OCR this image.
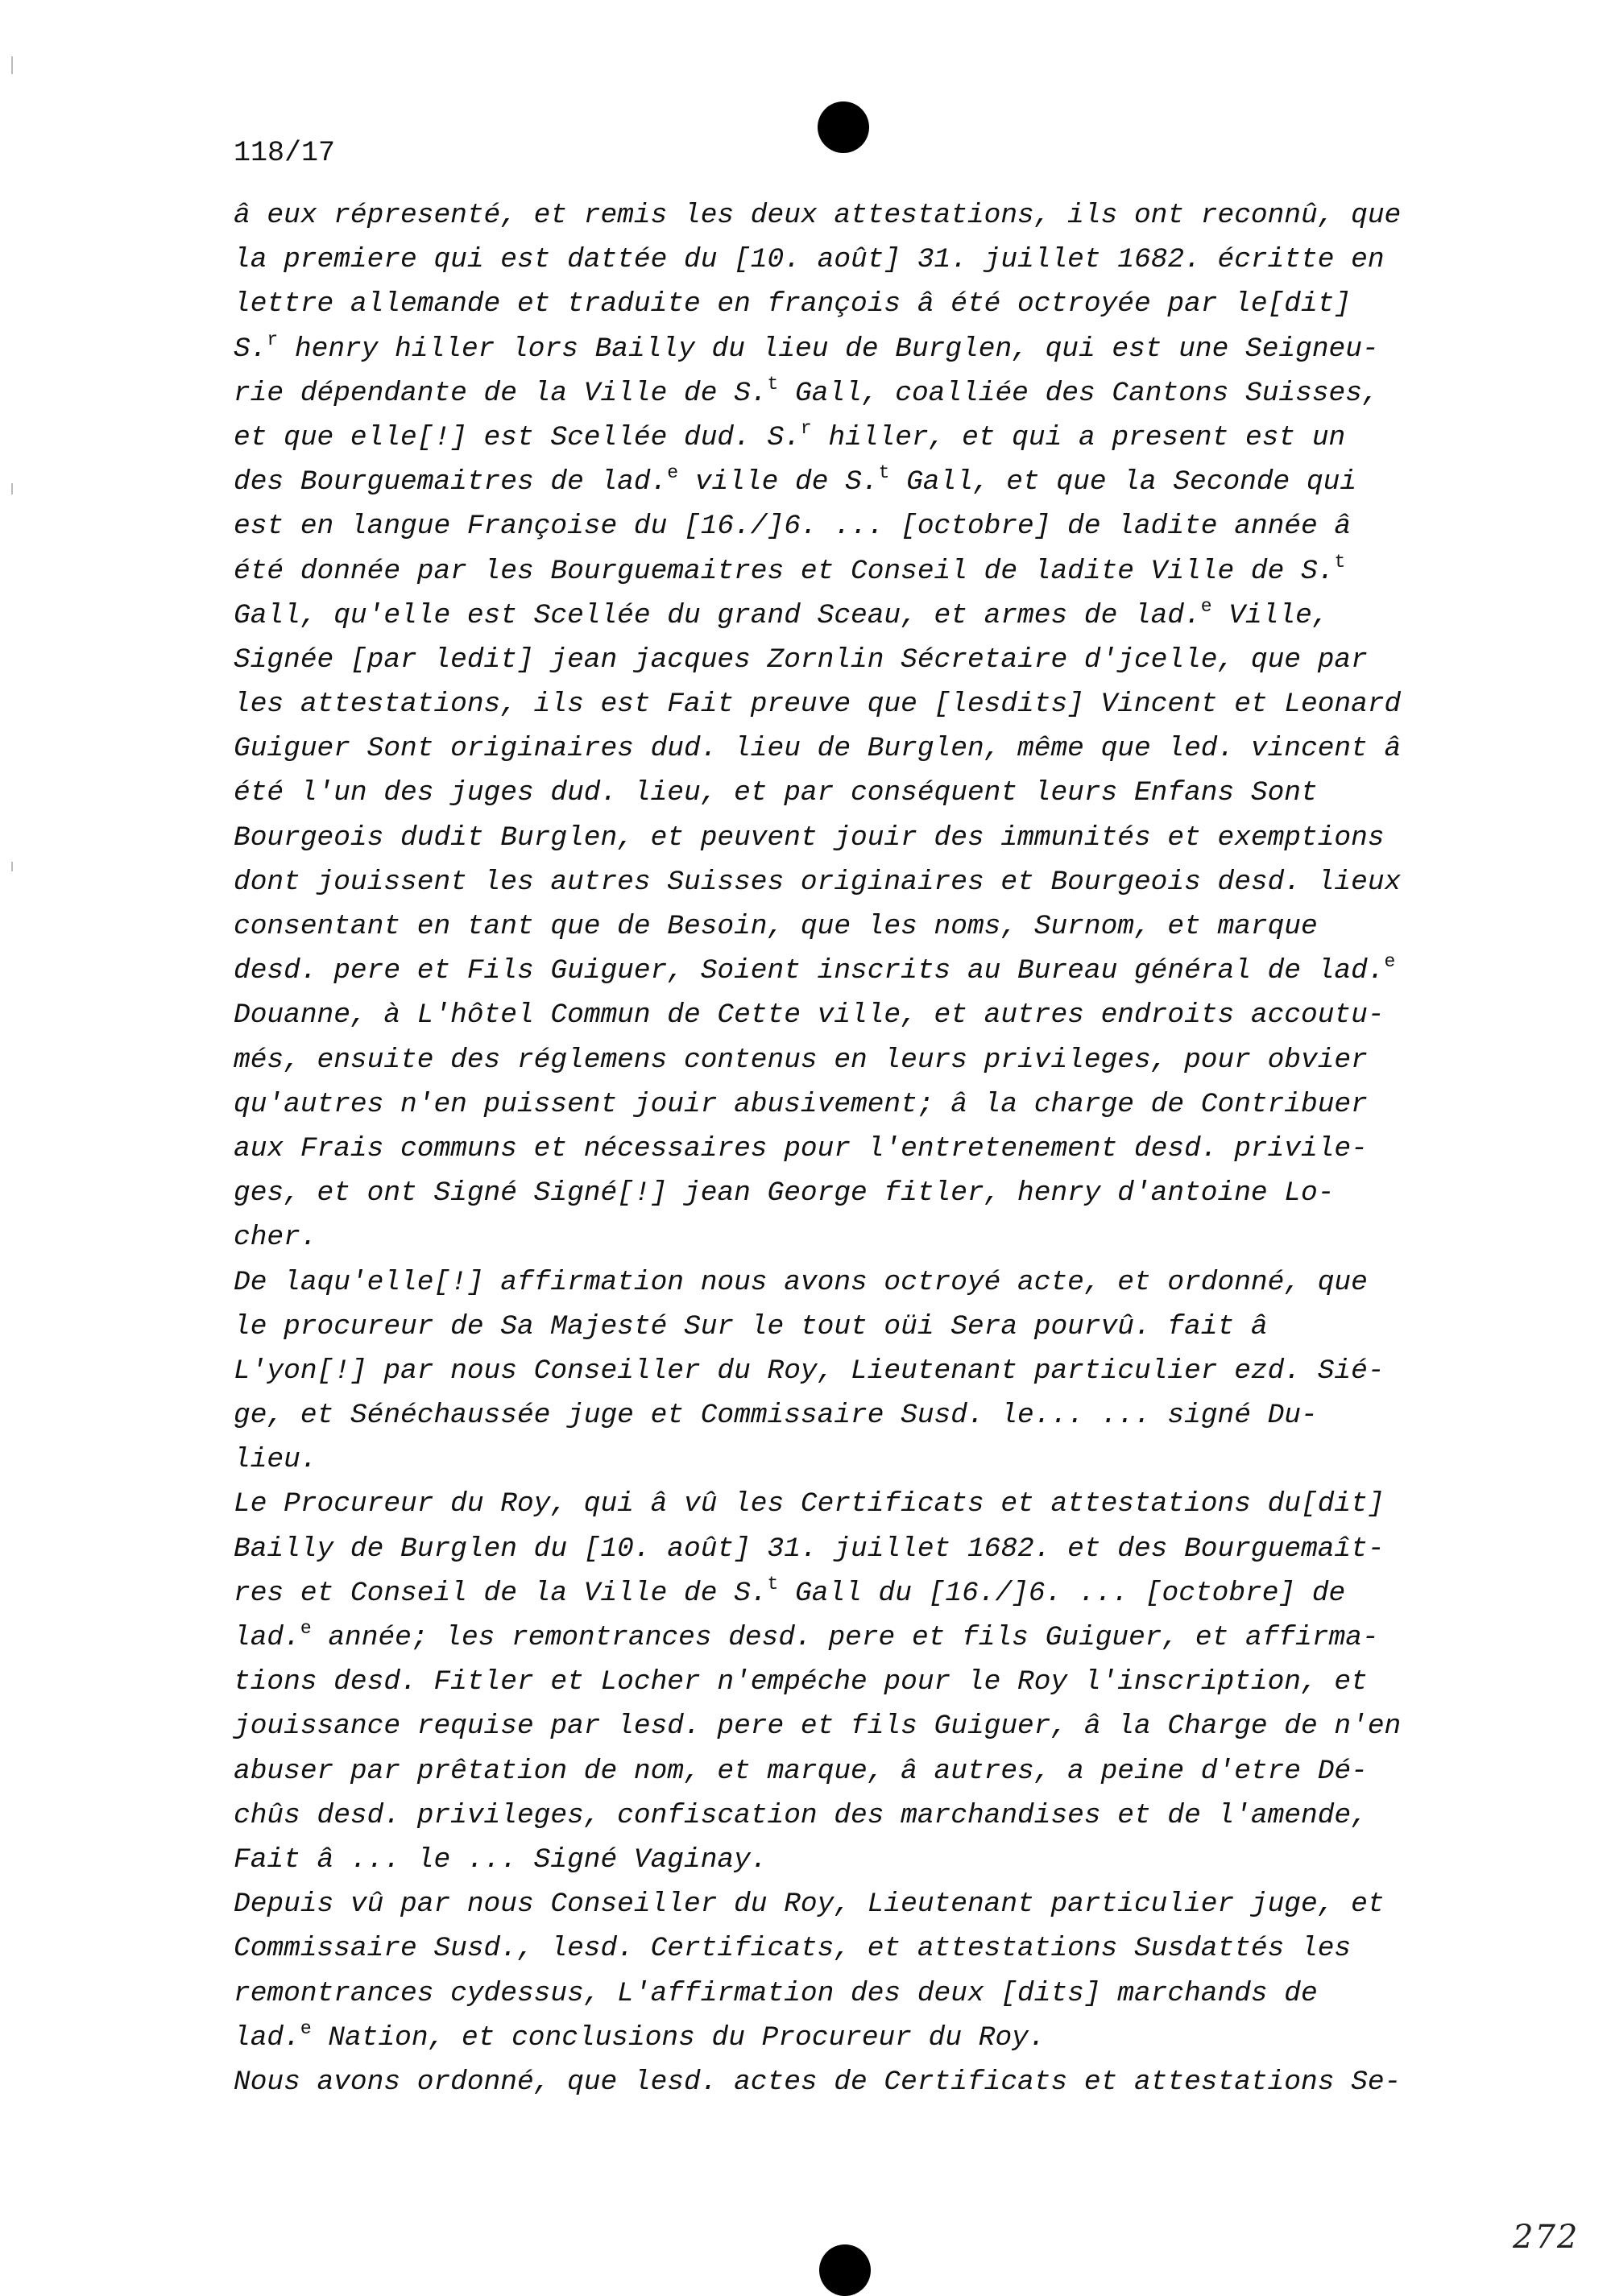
118/17
â eux répresenté, et remis les deux attestations, ils ont reconnû, que
la premiere qui est dattée du [10. août] 31. juillet 1682. écritte en
lettre allemande et traduite en françois â été octroyée par le[dit]
S.$^r$ henry hiller lors Bailly du lieu de Burglen, qui est une Seigneu-
rie dépendante de la Ville de S.$^t$ Gall, coalliée des Cantons Suisses,
et que elle[!] est Scellée dud. S.$^r$ hiller, et qui a present est un
des Bourguemaitres de lad.$^e$ ville de S.$^t$ Gall, et que la Seconde qui
est en langue Françoise du [16./]6. ... [octobre] de ladite année â
été donnée par les Bourguemaitres et Conseil de ladite Ville de S.$^t$
Gall, qu'elle est Scellée du grand Sceau, et armes de lad.$^e$ Ville,
Signée [par ledit] jean jacques Zornlin Sécretaire d'jcelle, que par
les attestations, ils est Fait preuve que [lesdits] Vincent et Leonard
Guiguer Sont originaires dud. lieu de Burglen, même que led. vincent â
été l'un des juges dud. lieu, et par conséquent leurs Enfans Sont
Bourgeois dudit Burglen, et peuvent jouir des immunités et exemptions
dont jouissent les autres Suisses originaires et Bourgeois desd. lieux
consentant en tant que de Besoin, que les noms, Surnom, et marque
desd. pere et Fils Guiguer, Soient inscrits au Bureau général de lad.$^e$
Douanne, à L'hôtel Commun de Cette ville, et autres endroits accoutu-
més, ensuite des réglemens contenus en leurs privileges, pour obvier
qu'autres n'en puissent jouir abusivement; â la charge de Contribuer
aux Frais communs et nécessaires pour l'entretenement desd. privile-
ges, et ont Signé Signé[!] jean George fitler, henry d'antoine Lo-
cher.
De laqu'elle[!] affirmation nous avons octroyé acte, et ordonné, que
le procureur de Sa Majesté Sur le tout oüi Sera pourvû. fait â
L'yon[!] par nous Conseiller du Roy, Lieutenant particulier ezd. Sié-
ge, et Sénéchaussée juge et Commissaire Susd. le... ... signé Du-
lieu.
Le Procureur du Roy, qui â vû les Certificats et attestations du[dit]
Bailly de Burglen du [10. août] 31. juillet 1682. et des Bourguemaît-
res et Conseil de la Ville de S.$^t$ Gall du [16./]6. ... [octobre] de
lad.$^e$ année; les remontrances desd. pere et fils Guiguer, et affirma-
tions desd. Fitler et Locher n'empéche pour le Roy l'inscription, et
jouissance requise par lesd. pere et fils Guiguer, â la Charge de n'en
abuser par prêtation de nom, et marque, â autres, a peine d'etre Dé-
chûs desd. privileges, confiscation des marchandises et de l'amende,
Fait â ... le ... Signé Vaginay.
Depuis vû par nous Conseiller du Roy, Lieutenant particulier juge, et
Commissaire Susd., lesd. Certificats, et attestations Susdattés les
remontrances cydessus, L'affirmation des deux [dits] marchands de
lad.$^e$ Nation, et conclusions du Procureur du Roy.
Nous avons ordonné, que lesd. actes de Certificats et attestations Se-
272
